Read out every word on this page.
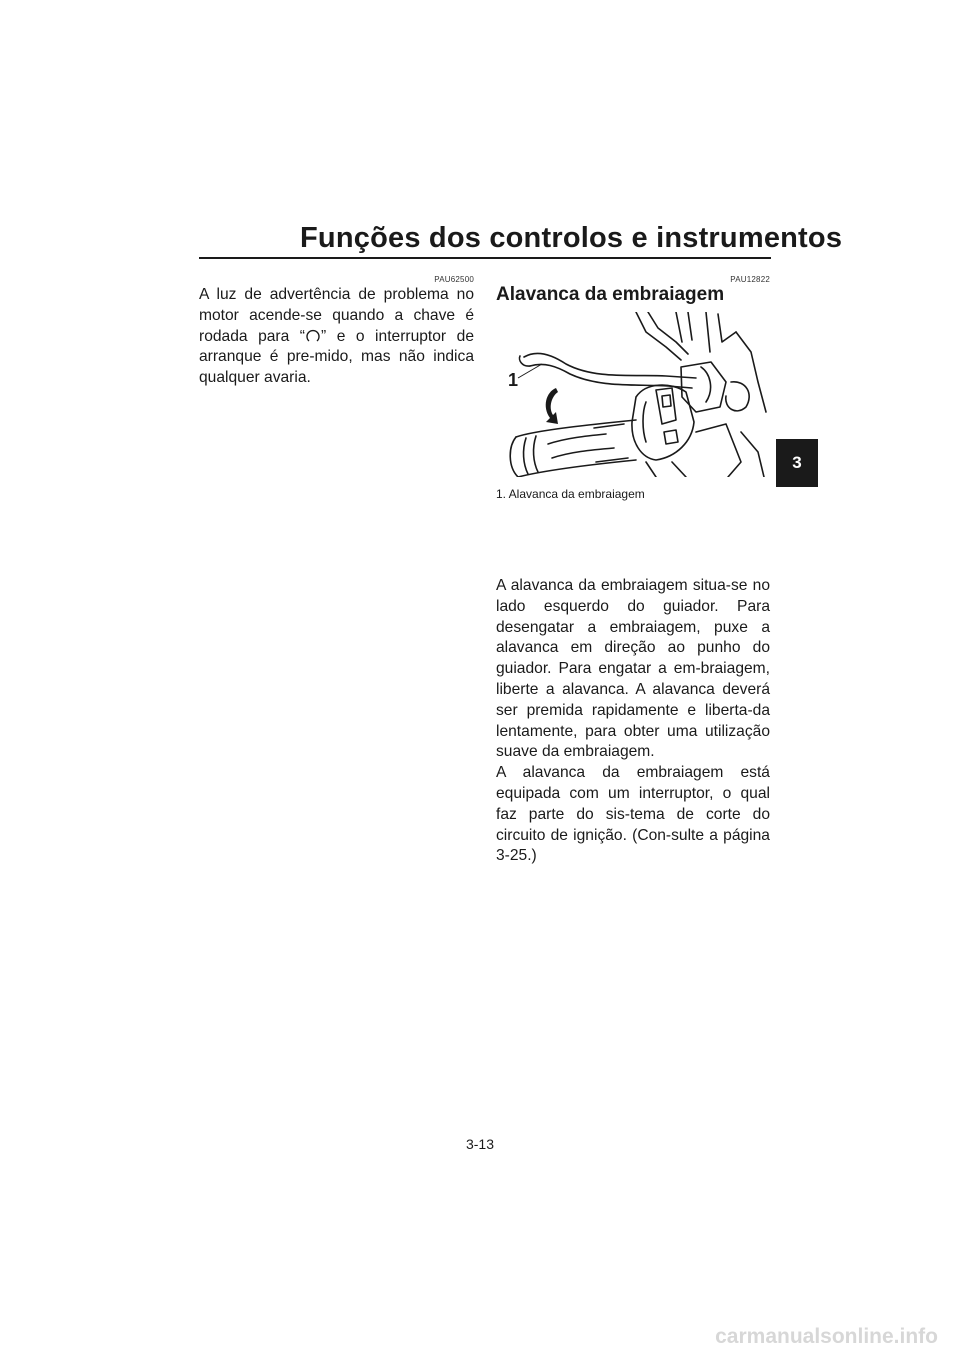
Funções dos controlos e instrumentos
3
PAU62500

A luz de advertência de problema no motor acende-se quando a chave é rodada para “ ” e o interruptor de arranque é pre-mido, mas não indica qualquer avaria.

PAU12822
Alavanca da embraiagem
1
1. Alavanca da embraiagem

A alavanca da embraiagem situa-se no lado esquerdo do guiador. Para desengatar a embraiagem, puxe a alavanca em direção ao punho do guiador. Para engatar a em-braiagem, liberte a alavanca. A alavanca deverá ser premida rapidamente e liberta-da lentamente, para obter uma utilização suave da embraiagem.

A alavanca da embraiagem está equipada com um interruptor, o qual faz parte do sis-tema de corte do circuito de ignição. (Con-sulte a página 3-25.)

3-13
carmanualsonline.info
